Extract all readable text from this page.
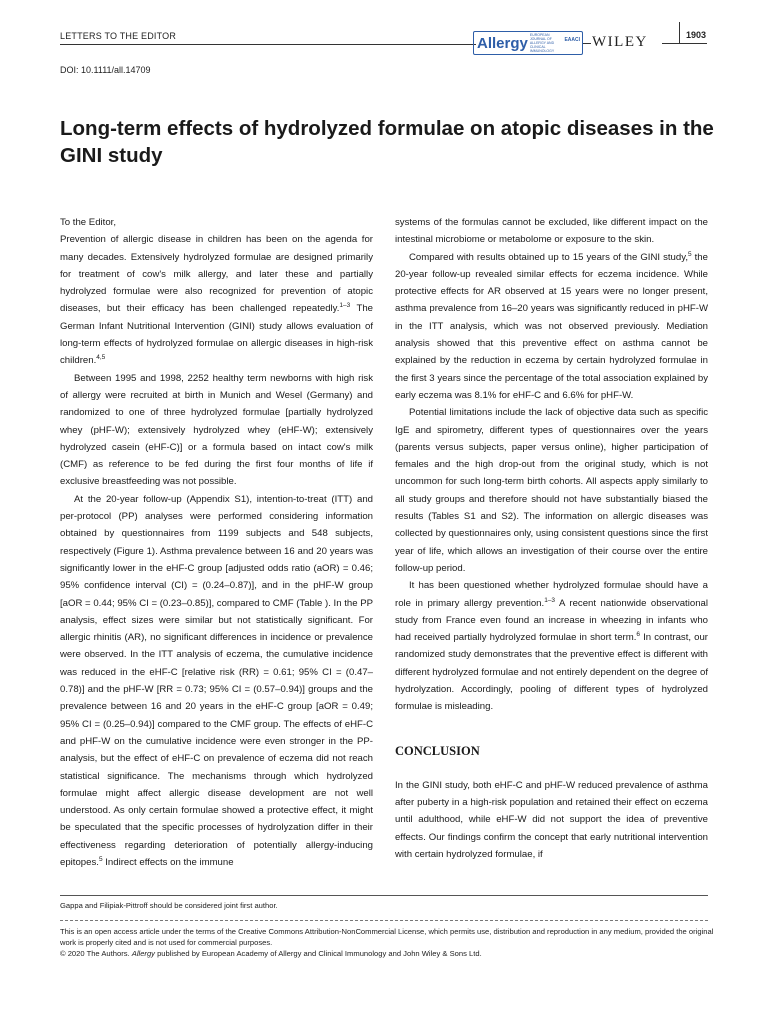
LETTERS TO THE EDITOR	Allergy EUROPEAN JOURNAL OF ALLERGY AND CLINICAL IMMUNOLOGY
EAACI WILEY	1903
DOI: 10.1111/all.14709
Long-term effects of hydrolyzed formulae on atopic diseases in the GINI study

To the Editor,

Prevention of allergic disease in children has been on the agenda for many decades. Extensively hydrolyzed formulae are designed primarily for treatment of cow's milk allergy, and later these and partially hydrolyzed formulae were also recognized for prevention of atopic diseases, but their efficacy has been challenged repeatedly.$^{1-3}$ The German Infant Nutritional Intervention (GINI) study allows evaluation of long-term effects of hydrolyzed formulae on allergic diseases in high-risk children.$^{4,5}$

Between 1995 and 1998, 2252 healthy term newborns with high risk of allergy were recruited at birth in Munich and Wesel (Germany) and randomized to one of three hydrolyzed formulae [partially hydrolyzed whey (pHF-W); extensively hydrolyzed whey (eHF-W); extensively hydrolyzed casein (eHF-C)] or a formula based on intact cow's milk (CMF) as reference to be fed during the first four months of life if exclusive breastfeeding was not possible.

At the 20-year follow-up (Appendix S1), intention-to-treat (ITT) and per-protocol (PP) analyses were performed considering information obtained by questionnaires from 1199 subjects and 548 subjects, respectively (Figure 1). Asthma prevalence between 16 and 20 years was significantly lower in the eHF-C group [adjusted odds ratio (aOR) = 0.46; 95% confidence interval (CI) = (0.24–0.87)], and in the pHF-W group [aOR = 0.44; 95% CI = (0.23–0.85)], compared to CMF (Table ). In the PP analysis, effect sizes were similar but not statistically significant. For allergic rhinitis (AR), no significant differences in incidence or prevalence were observed. In the ITT analysis of eczema, the cumulative incidence was reduced in the eHF-C [relative risk (RR) = 0.61; 95% CI = (0.47–0.78)] and the pHF-W [RR = 0.73; 95% CI = (0.57–0.94)] groups and the prevalence between 16 and 20 years in the eHF-C group [aOR = 0.49; 95% CI = (0.25–0.94)] compared to the CMF group. The effects of eHF-C and pHF-W on the cumulative incidence were even stronger in the PP-analysis, but the effect of eHF-C on prevalence of eczema did not reach statistical significance. The mechanisms through which hydrolyzed formulae might affect allergic disease development are not well understood. As only certain formulae showed a protective effect, it might be speculated that the specific processes of hydrolyzation differ in their effectiveness regarding deterioration of potentially allergy-inducing epitopes.$^5$ Indirect effects on the immune

systems of the formulas cannot be excluded, like different impact on the intestinal microbiome or metabolome or exposure to the skin.

Compared with results obtained up to 15 years of the GINI study,$^5$ the 20-year follow-up revealed similar effects for eczema incidence. While protective effects for AR observed at 15 years were no longer present, asthma prevalence from 16–20 years was significantly reduced in pHF-W in the ITT analysis, which was not observed previously. Mediation analysis showed that this preventive effect on asthma cannot be explained by the reduction in eczema by certain hydrolyzed formulae in the first 3 years since the percentage of the total association explained by early eczema was 8.1% for eHF-C and 6.6% for pHF-W.

Potential limitations include the lack of objective data such as specific IgE and spirometry, different types of questionnaires over the years (parents versus subjects, paper versus online), higher participation of females and the high drop-out from the original study, which is not uncommon for such long-term birth cohorts. All aspects apply similarly to all study groups and therefore should not have substantially biased the results (Tables S1 and S2). The information on allergic diseases was collected by questionnaires only, using consistent questions since the first year of life, which allows an investigation of their course over the entire follow-up period.

It has been questioned whether hydrolyzed formulae should have a role in primary allergy prevention.$^{1-3}$ A recent nationwide observational study from France even found an increase in wheezing in infants who had received partially hydrolyzed formulae in short term.$^6$ In contrast, our randomized study demonstrates that the preventive effect is different with different hydrolyzed formulae and not entirely dependent on the degree of hydrolyzation. Accordingly, pooling of different types of hydrolyzed formulae is misleading.

CONCLUSION

In the GINI study, both eHF-C and pHF-W reduced prevalence of asthma after puberty in a high-risk population and retained their effect on eczema until adulthood, while eHF-W did not support the idea of preventive effects. Our findings confirm the concept that early nutritional intervention with certain hydrolyzed formulae, if

Gappa and Filipiak-Pittroff should be considered joint first author.
This is an open access article under the terms of the Creative Commons Attribution-NonCommercial License, which permits use, distribution and reproduction in any medium, provided the original work is properly cited and is not used for commercial purposes.
© 2020 The Authors. Allergy published by European Academy of Allergy and Clinical Immunology and John Wiley & Sons Ltd.
